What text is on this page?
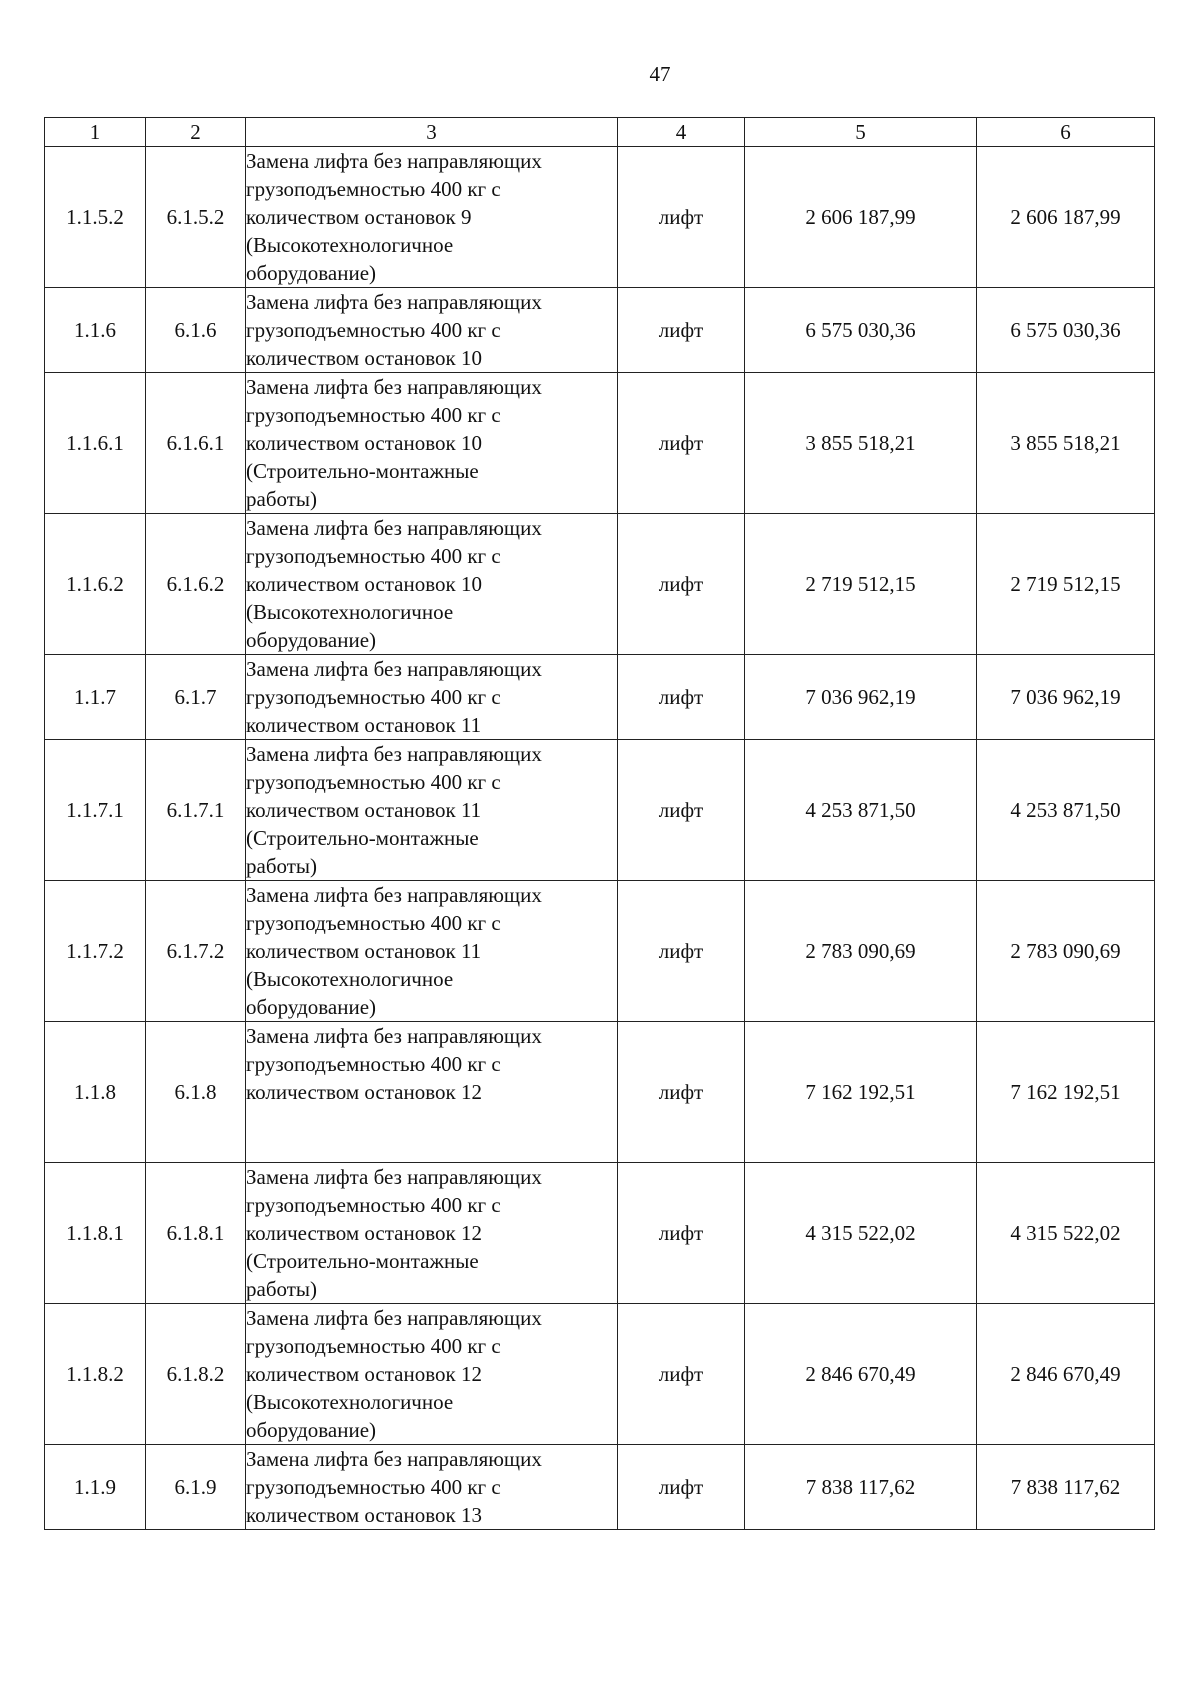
47
1	2	3	4	5	6
1.1.5.2	6.1.5.2	Замена лифта без направляющих
грузоподъемностью 400 кг с
количеством остановок 9
(Высокотехнологичное
оборудование)	лифт	2 606 187,99	2 606 187,99
1.1.6	6.1.6	Замена лифта без направляющих
грузоподъемностью 400 кг с
количеством остановок 10	лифт	6 575 030,36	6 575 030,36
1.1.6.1	6.1.6.1	Замена лифта без направляющих
грузоподъемностью 400 кг с
количеством остановок 10
(Строительно-монтажные
работы)	лифт	3 855 518,21	3 855 518,21
1.1.6.2	6.1.6.2	Замена лифта без направляющих
грузоподъемностью 400 кг с
количеством остановок 10
(Высокотехнологичное
оборудование)	лифт	2 719 512,15	2 719 512,15
1.1.7	6.1.7	Замена лифта без направляющих
грузоподъемностью 400 кг с
количеством остановок 11	лифт	7 036 962,19	7 036 962,19
1.1.7.1	6.1.7.1	Замена лифта без направляющих
грузоподъемностью 400 кг с
количеством остановок 11
(Строительно-монтажные
работы)	лифт	4 253 871,50	4 253 871,50
1.1.7.2	6.1.7.2	Замена лифта без направляющих
грузоподъемностью 400 кг с
количеством остановок 11
(Высокотехнологичное
оборудование)	лифт	2 783 090,69	2 783 090,69
1.1.8	6.1.8	Замена лифта без направляющих
грузоподъемностью 400 кг с
количеством остановок 12	лифт	7 162 192,51	7 162 192,51
1.1.8.1	6.1.8.1	Замена лифта без направляющих
грузоподъемностью 400 кг с
количеством остановок 12
(Строительно-монтажные
работы)	лифт	4 315 522,02	4 315 522,02
1.1.8.2	6.1.8.2	Замена лифта без направляющих
грузоподъемностью 400 кг с
количеством остановок 12
(Высокотехнологичное
оборудование)	лифт	2 846 670,49	2 846 670,49
1.1.9	6.1.9	Замена лифта без направляющих
грузоподъемностью 400 кг с
количеством остановок 13	лифт	7 838 117,62	7 838 117,62
